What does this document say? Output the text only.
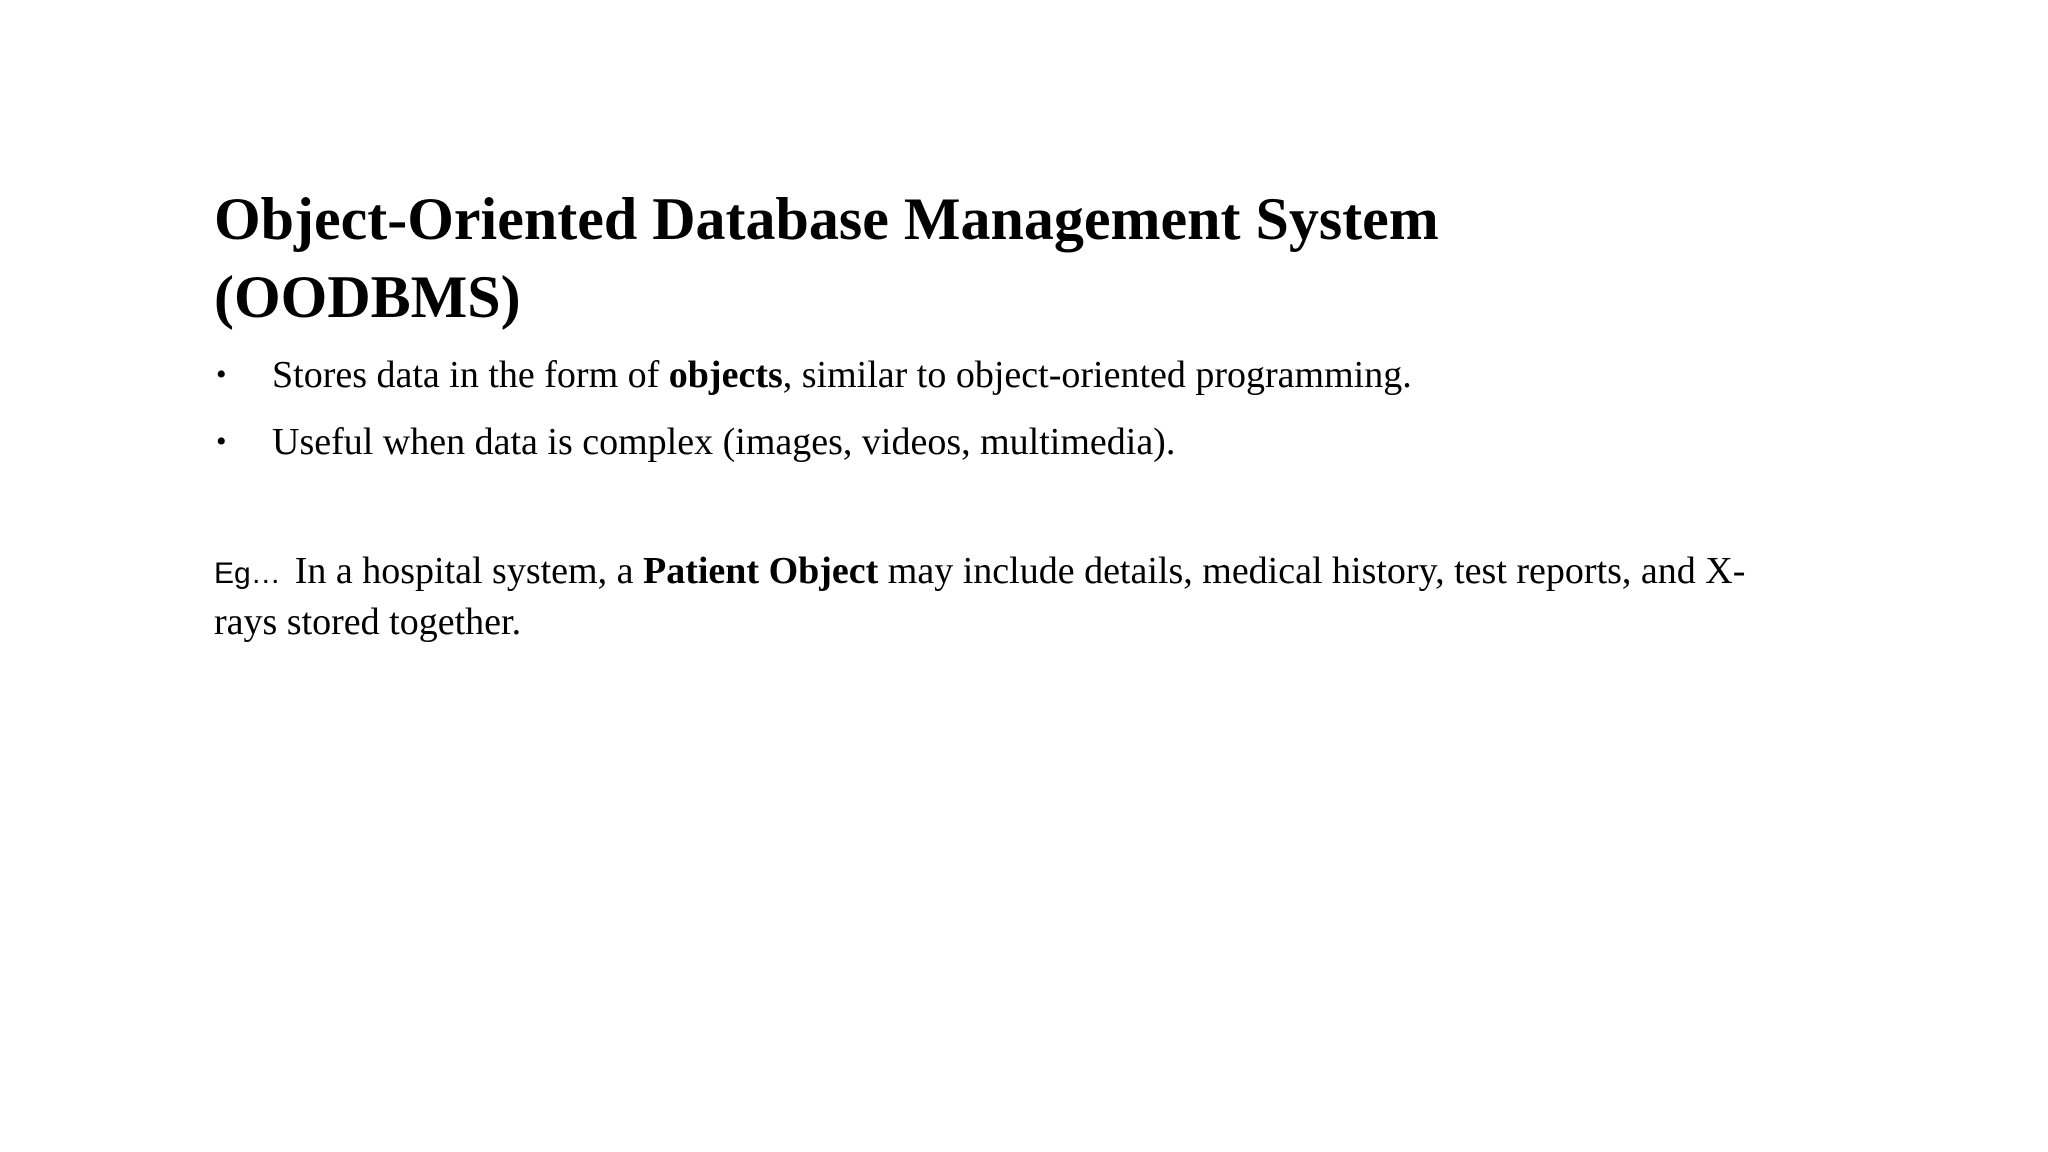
Object-Oriented Database Management System
(OODBMS)
• Stores data in the form of objects, similar to object-oriented programming.
• Useful when data is complex (images, videos, multimedia).

Eg… In a hospital system, a Patient Object may include details, medical history, test reports, and X-rays stored together.
